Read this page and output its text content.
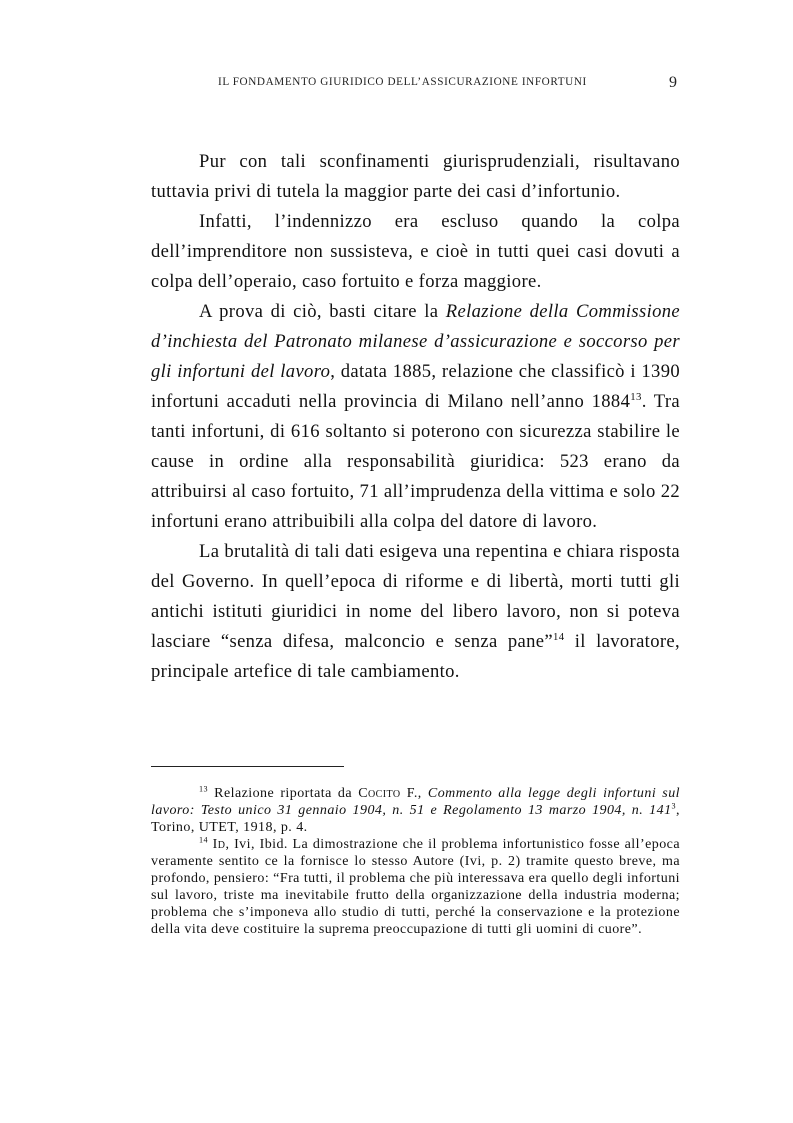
IL FONDAMENTO GIURIDICO DELL’ASSICURAZIONE INFORTUNI	9

Pur con tali sconfinamenti giurisprudenziali, risultavano tuttavia privi di tutela la maggior parte dei casi d’infortunio.

Infatti, l’indennizzo era escluso quando la colpa dell’imprenditore non sussisteva, e cioè in tutti quei casi dovuti a colpa dell’operaio, caso fortuito e forza maggiore.

A prova di ciò, basti citare la Relazione della Commissione d’inchiesta del Patronato milanese d’assicurazione e soccorso per gli infortuni del lavoro, datata 1885, relazione che classificò i 1390 infortuni accaduti nella provincia di Milano nell’anno 1884$^{13}$. Tra tanti infortuni, di 616 soltanto si poterono con sicurezza stabilire le cause in ordine alla responsabilità giuridica: 523 erano da attribuirsi al caso fortuito, 71 all’imprudenza della vittima e solo 22 infortuni erano attribuibili alla colpa del datore di lavoro.

La brutalità di tali dati esigeva una repentina e chiara risposta del Governo. In quell’epoca di riforme e di libertà, morti tutti gli antichi istituti giuridici in nome del libero lavoro, non si poteva lasciare “senza difesa, malconcio e senza pane”$^{14}$ il lavoratore, principale artefice di tale cambiamento.

$^{13}$ Relazione riportata da Cocito F., Commento alla legge degli infortuni sul lavoro: Testo unico 31 gennaio 1904, n. 51 e Regolamento 13 marzo 1904, n. $141^3$, Torino, UTET, 1918, p. 4.

$^{14}$ Id, Ivi, Ibid. La dimostrazione che il problema infortunistico fosse all’epoca veramente sentito ce la fornisce lo stesso Autore (Ivi, p. 2) tramite questo breve, ma profondo, pensiero: “Fra tutti, il problema che più interessava era quello degli infortuni sul lavoro, triste ma inevitabile frutto della organizzazione della industria moderna; problema che s’imponeva allo studio di tutti, perché la conservazione e la protezione della vita deve costituire la suprema preoccupazione di tutti gli uomini di cuore”.
